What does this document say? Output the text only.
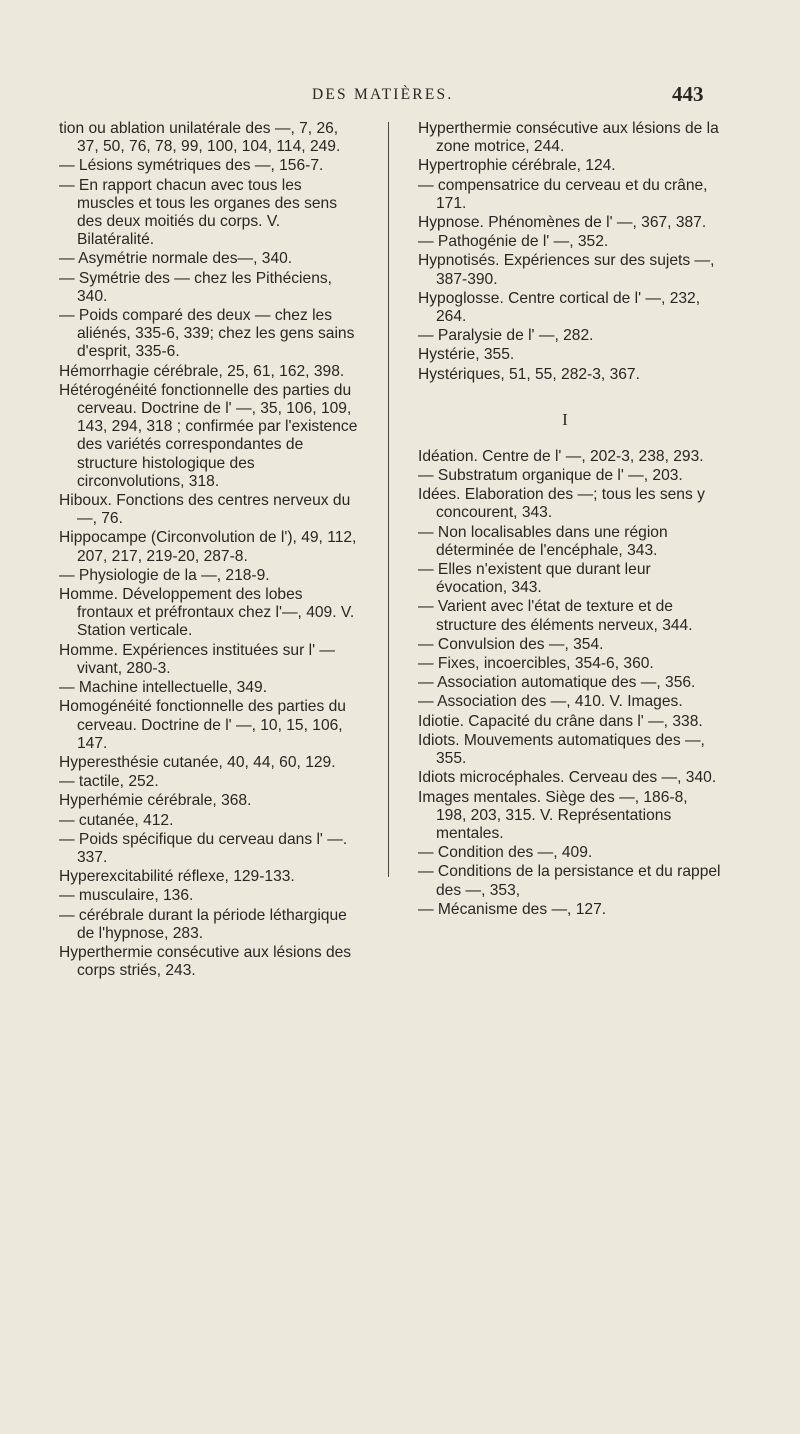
DES MATIÈRES.	443

tion ou ablation unilatérale des —, 7, 26, 37, 50, 76, 78, 99, 100, 104, 114, 249.

— Lésions symétriques des —, 156-7.

— En rapport chacun avec tous les muscles et tous les organes des sens des deux moitiés du corps. V. Bilatéralité.

— Asymétrie normale des—, 340.

— Symétrie des — chez les Pithéciens, 340.

— Poids comparé des deux — chez les aliénés, 335-6, 339; chez les gens sains d'esprit, 335-6.

Hémorrhagie cérébrale, 25, 61, 162, 398.

Hétérogénéité fonctionnelle des parties du cerveau. Doctrine de l' —, 35, 106, 109, 143, 294, 318 ; confirmée par l'existence des variétés correspondantes de structure histologique des circonvolutions, 318.

Hiboux. Fonctions des centres nerveux du —, 76.

Hippocampe (Circonvolution de l'), 49, 112, 207, 217, 219-20, 287-8.

— Physiologie de la —, 218-9.

Homme. Développement des lobes frontaux et préfrontaux chez l'—, 409. V. Station verticale.

Homme. Expériences instituées sur l' — vivant, 280-3.

— Machine intellectuelle, 349.

Homogénéité fonctionnelle des parties du cerveau. Doctrine de l' —, 10, 15, 106, 147.

Hyperesthésie cutanée, 40, 44, 60, 129.

— tactile, 252.

Hyperhémie cérébrale, 368.

— cutanée, 412.

— Poids spécifique du cerveau dans l' —. 337.

Hyperexcitabilité réflexe, 129-133.

— musculaire, 136.

— cérébrale durant la période léthargique de l'hypnose, 283.

Hyperthermie consécutive aux lésions des corps striés, 243.

Hyperthermie consécutive aux lésions de la zone motrice, 244.

Hypertrophie cérébrale, 124.

— compensatrice du cerveau et du crâne, 171.

Hypnose. Phénomènes de l' —, 367, 387.

— Pathogénie de l' —, 352.

Hypnotisés. Expériences sur des sujets —, 387-390.

Hypoglosse. Centre cortical de l' —, 232, 264.

— Paralysie de l' —, 282.

Hystérie, 355.

Hystériques, 51, 55, 282-3, 367.

I

Idéation. Centre de l' —, 202-3, 238, 293.

— Substratum organique de l' —, 203.

Idées. Elaboration des —; tous les sens y concourent, 343.

— Non localisables dans une région déterminée de l'encéphale, 343.

— Elles n'existent que durant leur évocation, 343.

— Varient avec l'état de texture et de structure des éléments nerveux, 344.

— Convulsion des —, 354.

— Fixes, incoercibles, 354-6, 360.

— Association automatique des —, 356.

— Association des —, 410. V. Images.

Idiotie. Capacité du crâne dans l' —, 338.

Idiots. Mouvements automatiques des —, 355.

Idiots microcéphales. Cerveau des —, 340.

Images mentales. Siège des —, 186-8, 198, 203, 315. V. Représentations mentales.

— Condition des —, 409.

— Conditions de la persistance et du rappel des —, 353,

— Mécanisme des —, 127.
